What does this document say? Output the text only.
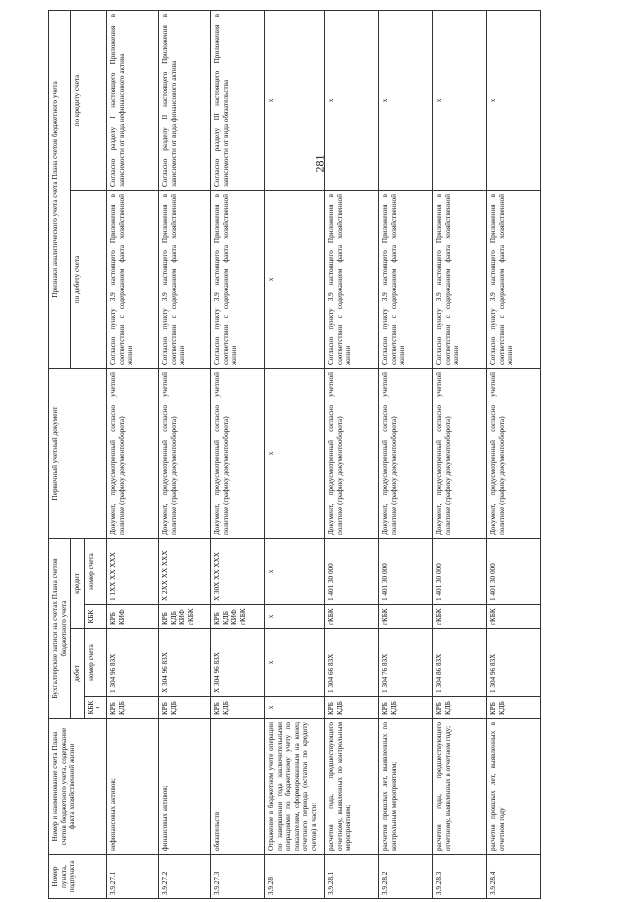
281
Номер пункта, подпункта	Номер и наименование счета Плана счетов бюджетного учета, содержание факта хозяйственной жизни	Бухгалтерские записи на счетах Плана счетов бюджетного учета				Первичный учетный документ	Признаки аналитического учета счета Плана счетов бюджетного учета	
		дебет		кредит			по дебету счета	по кредиту счета
		КБК¹	номер счета	КБК	номер счета			
3.9.27.1	нефинансовых активов;	КРБ КДБ	1 304 96 83Х	КРБ КИФ	1 1ХХ ХХ ХХХ	Документ, предусмотренный согласно учетной политике (графику документооборота)	Согласно пункту 3.9 настоящего Приложения в соответствии с содержанием факта хозяйственной жизни	Согласно разделу I настоящего Приложения в зависимости от вида нефинансового актива
3.9.27.2	финансовых активов;	КРБ КДБ	Х 304 96 83Х	КРБ КДБ КИФ гКБК	Х 2ХХ ХХ ХХХ	Документ, предусмотренный согласно учетной политике (графику документооборота)	Согласно пункту 3.9 настоящего Приложения в соответствии с содержанием факта хозяйственной жизни	Согласно разделу II настоящего Приложения в зависимости от вида финансового актива
3.9.27.3	обязательств	КРБ КДБ	Х 304 96 83Х	КРБ КДБ КИФ гКБК	Х 30Х ХХ ХХХ	Документ, предусмотренный согласно учетной политике (графику документооборота)	Согласно пункту 3.9 настоящего Приложения в соответствии с содержанием факта хозяйственной жизни	Согласно разделу III настоящего Приложения в зависимости от вида обязательства
3.9.28	Отражение в бюджетном учете операции по завершении года заключительными операциями по бюджетному учету по показателям, сформированным на конец отчетного периода (остатки по кредиту счетов) в части:	х	х	х	х	х	х	х
3.9.28.1	расчетов года, предшествующего отчетному, выявленных по контрольным мероприятиям;	КРБ КДБ	1 304 66 83Х	гКБК	1 401 30 000	Документ, предусмотренный согласно учетной политике (графику документооборота)	Согласно пункту 3.9 настоящего Приложения в соответствии с содержанием факта хозяйственной жизни	х
3.9.28.2	расчетов прошлых лет, выявленных по контрольным мероприятиям;	КРБ КДБ	1 304 76 83Х	гКБК	1 401 30 000	Документ, предусмотренный согласно учетной политике (графику документооборота)	Согласно пункту 3.9 настоящего Приложения в соответствии с содержанием факта хозяйственной жизни	х
3.9.28.3	расчетов года, предшествующего отчетному, выявленных в отчетном году;	КРБ КДБ	1 304 86 83Х	гКБК	1 401 30 000	Документ, предусмотренный согласно учетной политике (графику документооборота)	Согласно пункту 3.9 настоящего Приложения в соответствии с содержанием факта хозяйственной жизни	х
3.9.28.4	расчетов прошлых лет, выявленных в отчетном году	КРБ КДБ	1 304 96 83Х	гКБК	1 401 30 000	Документ, предусмотренный согласно учетной политике (графику документооборота)	Согласно пункту 3.9 настоящего Приложения в соответствии с содержанием факта хозяйственной жизни	х
